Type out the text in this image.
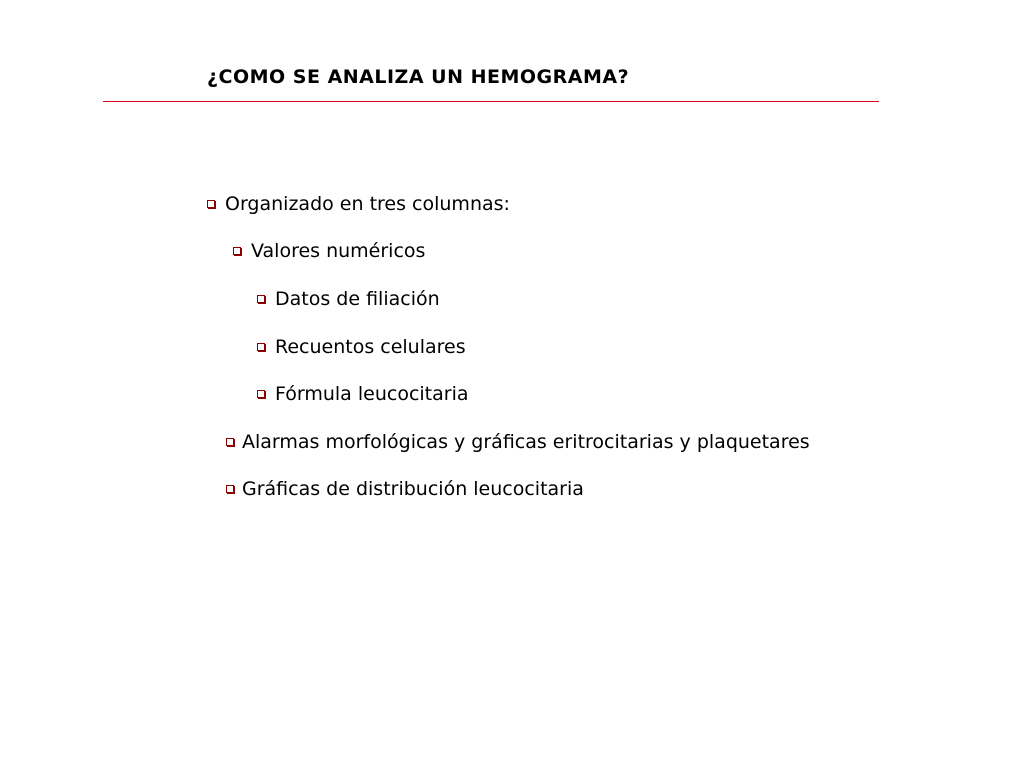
¿COMO SE ANALIZA UN HEMOGRAMA?
Organizado en tres columnas:
Valores numéricos
Datos de filiación
Recuentos celulares
Fórmula leucocitaria
Alarmas morfológicas y gráficas eritrocitarias y plaquetares
Gráficas de distribución leucocitaria
